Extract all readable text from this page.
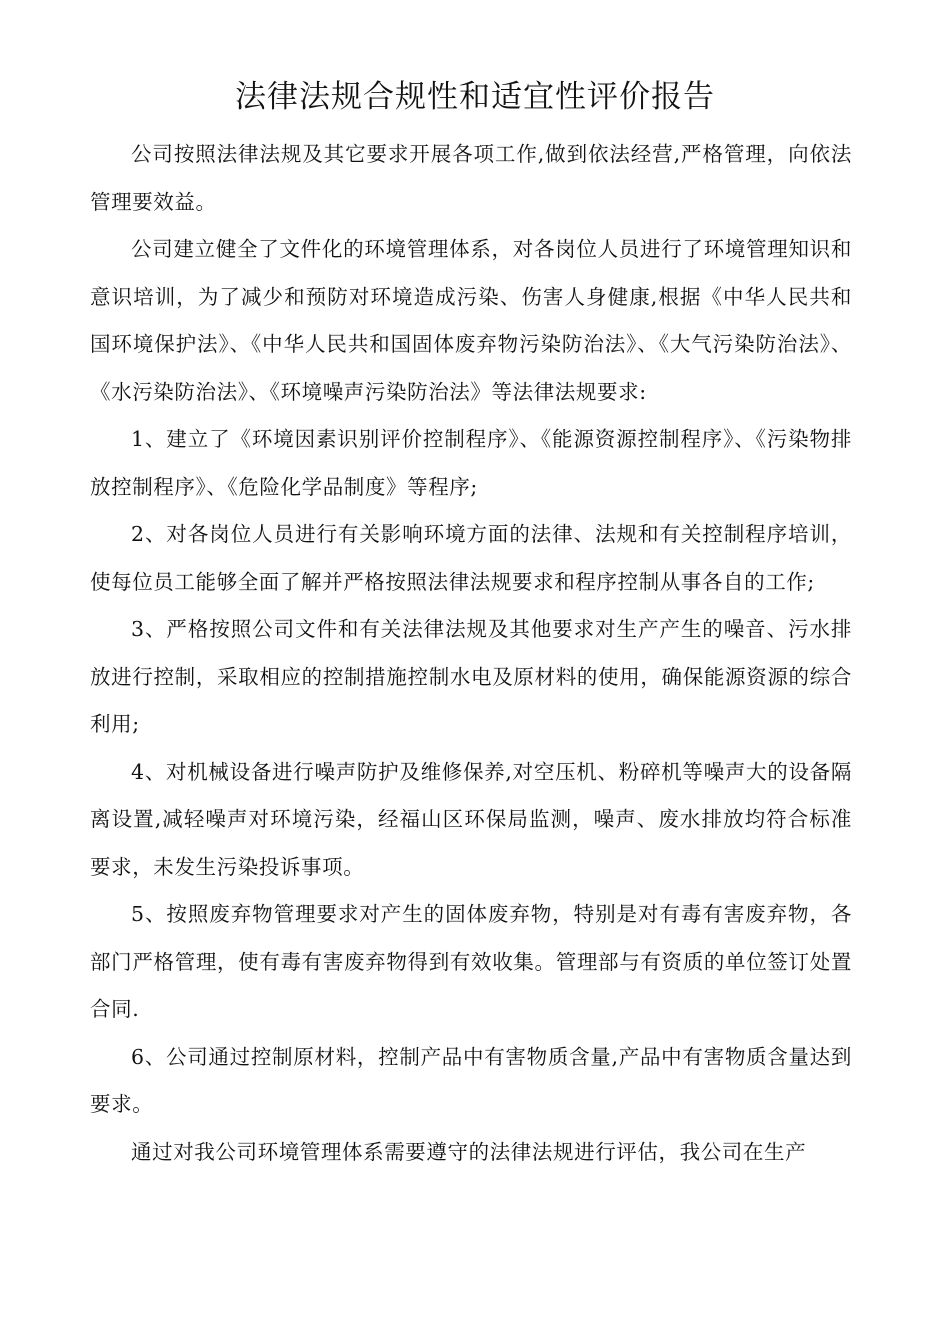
法律法规合规性和适宜性评价报告

公司按照法律法规及其它要求开展各项工作,做到依法经营,严格管理，向依法管理要效益。

公司建立健全了文件化的环境管理体系，对各岗位人员进行了环境管理知识和意识培训，为了减少和预防对环境造成污染、伤害人身健康,根据《中华人民共和国环境保护法》、《中华人民共和国固体废弃物污染防治法》、《大气污染防治法》、《水污染防治法》、《环境噪声污染防治法》等法律法规要求:

1、建立了《环境因素识别评价控制程序》、《能源资源控制程序》、《污染物排放控制程序》、《危险化学品制度》等程序;

2、对各岗位人员进行有关影响环境方面的法律、法规和有关控制程序培训，使每位员工能够全面了解并严格按照法律法规要求和程序控制从事各自的工作;

3、严格按照公司文件和有关法律法规及其他要求对生产产生的噪音、污水排放进行控制，采取相应的控制措施控制水电及原材料的使用，确保能源资源的综合利用;

4、对机械设备进行噪声防护及维修保养,对空压机、粉碎机等噪声大的设备隔离设置,减轻噪声对环境污染，经福山区环保局监测，噪声、废水排放均符合标准要求，未发生污染投诉事项。

5、按照废弃物管理要求对产生的固体废弃物，特别是对有毒有害废弃物，各部门严格管理，使有毒有害废弃物得到有效收集。管理部与有资质的单位签订处置合同.

6、公司通过控制原材料，控制产品中有害物质含量,产品中有害物质含量达到要求。

通过对我公司环境管理体系需要遵守的法律法规进行评估，我公司在生产
